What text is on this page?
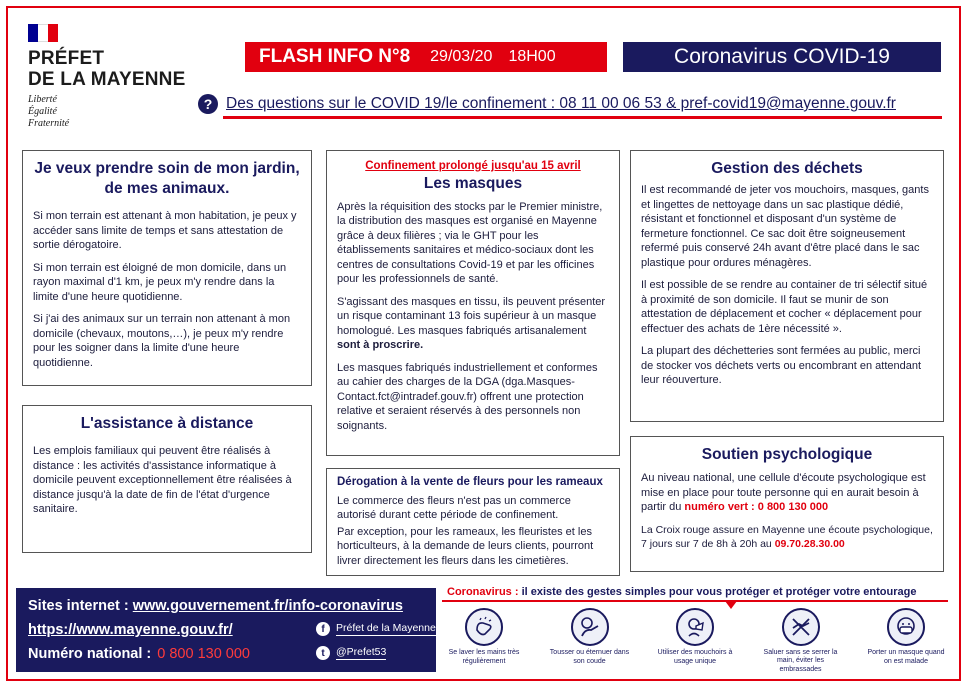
PRÉFET
DE LA MAYENNE
Liberté
Égalité
Fraternité
FLASH INFO N°8 29/03/20 18H00	Coronavirus COVID-19
? Des questions sur le COVID 19/le confinement : 08 11 00 06 53 & pref-covid19@mayenne.gouv.fr
Je veux prendre soin de mon jardin, de mes animaux.

Si mon terrain est attenant à mon habitation, je peux y accéder sans limite de temps et sans attestation de sortie dérogatoire.

Si mon terrain est éloigné de mon domicile, dans un rayon maximal d'1 km, je peux m'y rendre dans la limite d'une heure quotidienne.

Si j'ai des animaux sur un terrain non attenant à mon domicile (chevaux, moutons,…), je peux m'y rendre pour les soigner dans la limite d'une heure quotidienne.

L'assistance à distance

Les emplois familiaux qui peuvent être réalisés à distance : les activités d'assistance informatique à domicile peuvent exceptionnellement être réalisées à distance jusqu'à la date de fin de l'état d'urgence sanitaire.

Confinement prolongé jusqu'au 15 avril
Les masques

Après la réquisition des stocks par le Premier ministre, la distribution des masques est organisé en Mayenne grâce à deux filières ; via le GHT pour les établissements sanitaires et médico-sociaux dont les centres de consultations Covid-19 et par les officines pour les professionnels de santé.

S'agissant des masques en tissu, ils peuvent présenter un risque contaminant 13 fois supérieur à un masque homologué. Les masques fabriqués artisanalement sont à proscrire.

Les masques fabriqués industriellement et conformes au cahier des charges de la DGA (dga.Masques-Contact.fct@intradef.gouv.fr) offrent une protection relative et seraient réservés à des personnels non soignants.

Dérogation à la vente de fleurs pour les rameaux

Le commerce des fleurs n'est pas un commerce autorisé durant cette période de confinement.

Par exception, pour les rameaux, les fleuristes et les horticulteurs, à la demande de leurs clients, pourront livrer directement les fleurs dans les cimetières.

Gestion des déchets

Il est recommandé de jeter vos mouchoirs, masques, gants et lingettes de nettoyage dans un sac plastique dédié, résistant et fonctionnel et disposant d'un système de fermeture fonctionnel. Ce sac doit être soigneusement refermé puis conservé 24h avant d'être placé dans le sac plastique pour ordures ménagères.

Il est possible de se rendre au container de tri sélectif situé à proximité de son domicile. Il faut se munir de son attestation de déplacement et cocher « déplacement pour effectuer des achats de 1ère nécessité ».

La plupart des déchetteries sont fermées au public, merci de stocker vos déchets verts ou encombrant en attendant leur réouverture.

Soutien psychologique

Au niveau national, une cellule d'écoute psychologique est mise en place pour toute personne qui en aurait besoin à partir du numéro vert : 0 800 130 000

La Croix rouge assure en Mayenne une écoute psychologique, 7 jours sur 7 de 8h à 20h au 09.70.28.30.00

Sites internet : www.gouvernement.fr/info-coronavirus
https://www.mayenne.gouv.fr/
Numéro national : 0 800 130 000
f	Préfet de la Mayenne
t	@Prefet53
Coronavirus : il existe des gestes simples pour vous protéger et protéger votre entourage
Se laver les mains très régulièrement
Tousser ou éternuer dans son coude
Utiliser des mouchoirs à usage unique
Saluer sans se serrer la main, éviter les embrassades
Porter un masque quand on est malade
